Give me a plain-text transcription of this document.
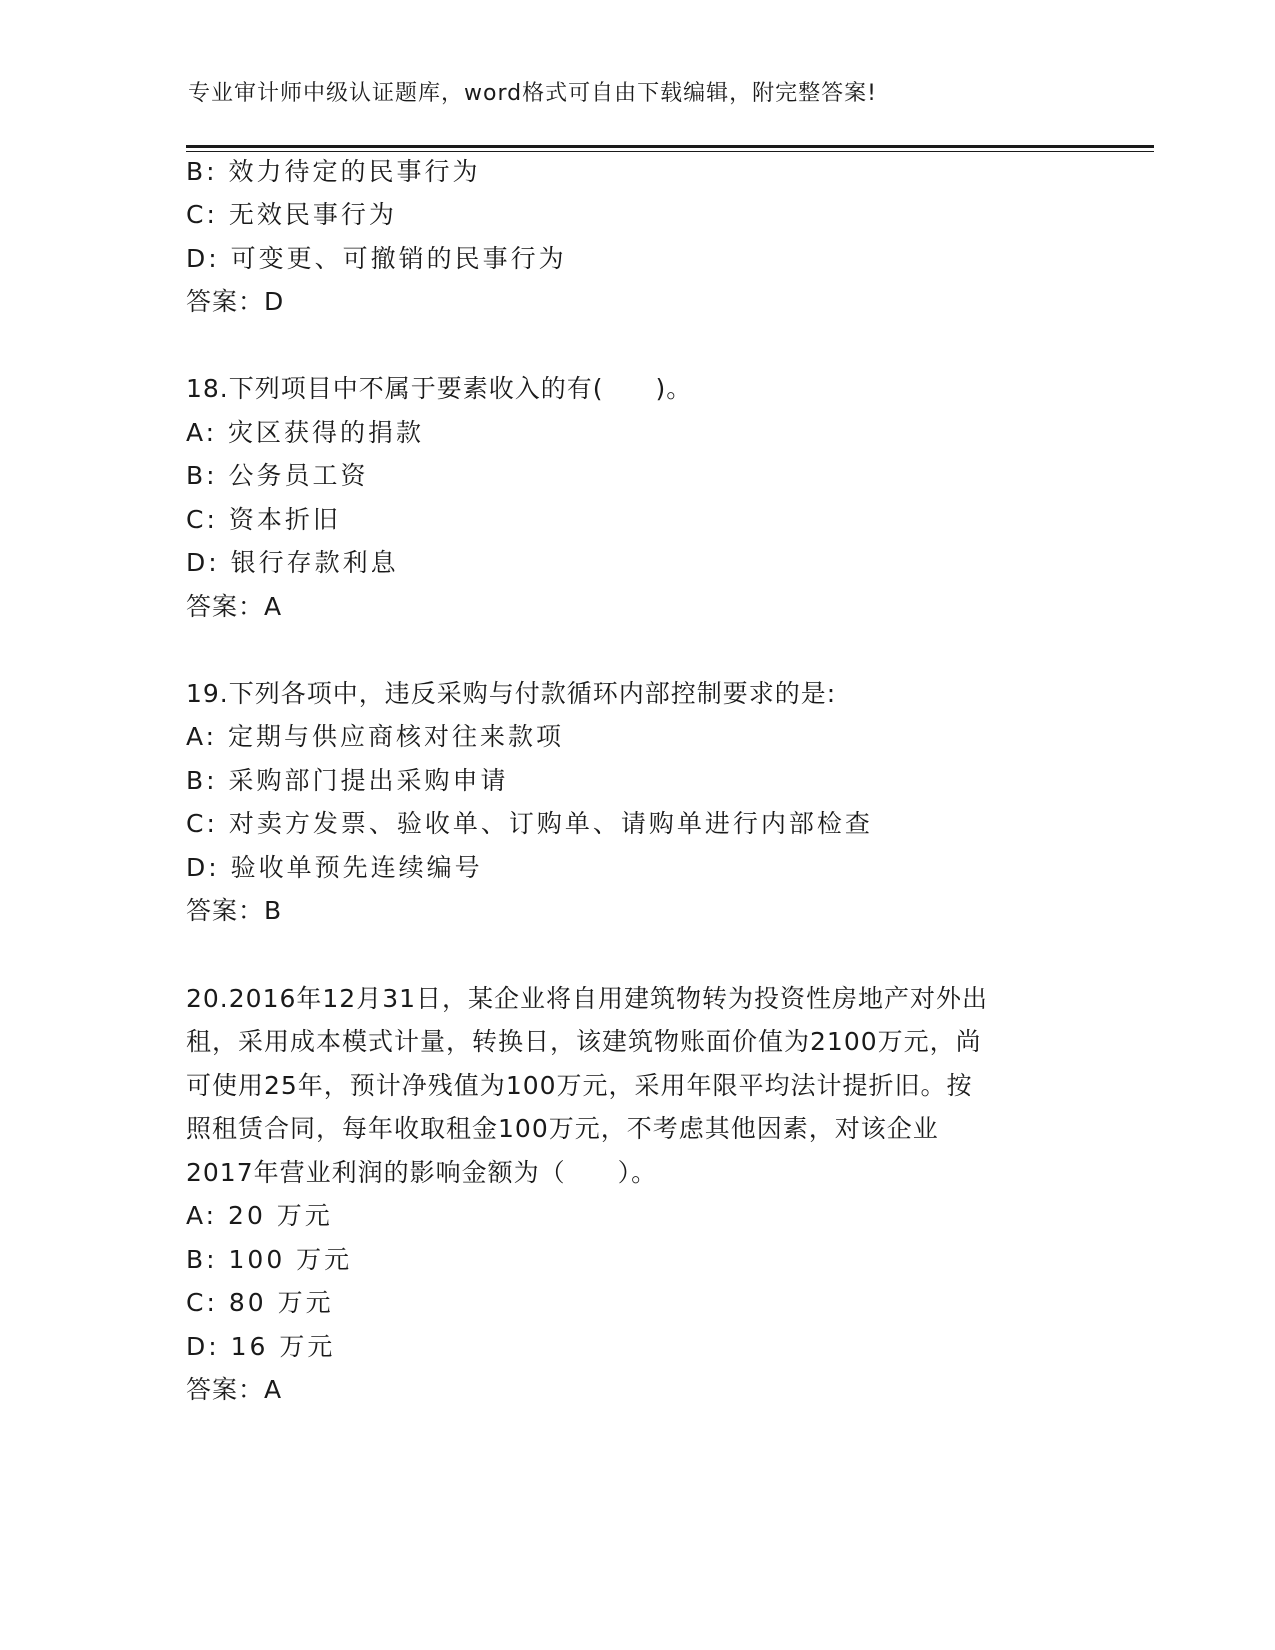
专业审计师中级认证题库，word格式可自由下载编辑，附完整答案!
B: 效力待定的民事行为
C: 无效民事行为
D: 可变更、可撤销的民事行为
答案：D
18.下列项目中不属于要素收入的有(　　)。
A: 灾区获得的捐款
B: 公务员工资
C: 资本折旧
D: 银行存款利息
答案：A
19.下列各项中，违反采购与付款循环内部控制要求的是:
A: 定期与供应商核对往来款项
B: 采购部门提出采购申请
C: 对卖方发票、验收单、订购单、请购单进行内部检查
D: 验收单预先连续编号
答案：B
20.2016年12月31日，某企业将自用建筑物转为投资性房地产对外出
租，采用成本模式计量，转换日，该建筑物账面价值为2100万元，尚
可使用25年，预计净残值为100万元，采用年限平均法计提折旧。按
照租赁合同，每年收取租金100万元，不考虑其他因素，对该企业
2017年营业利润的影响金额为（　　）。
A: 20 万元
B: 100 万元
C: 80 万元
D: 16 万元
答案：A
